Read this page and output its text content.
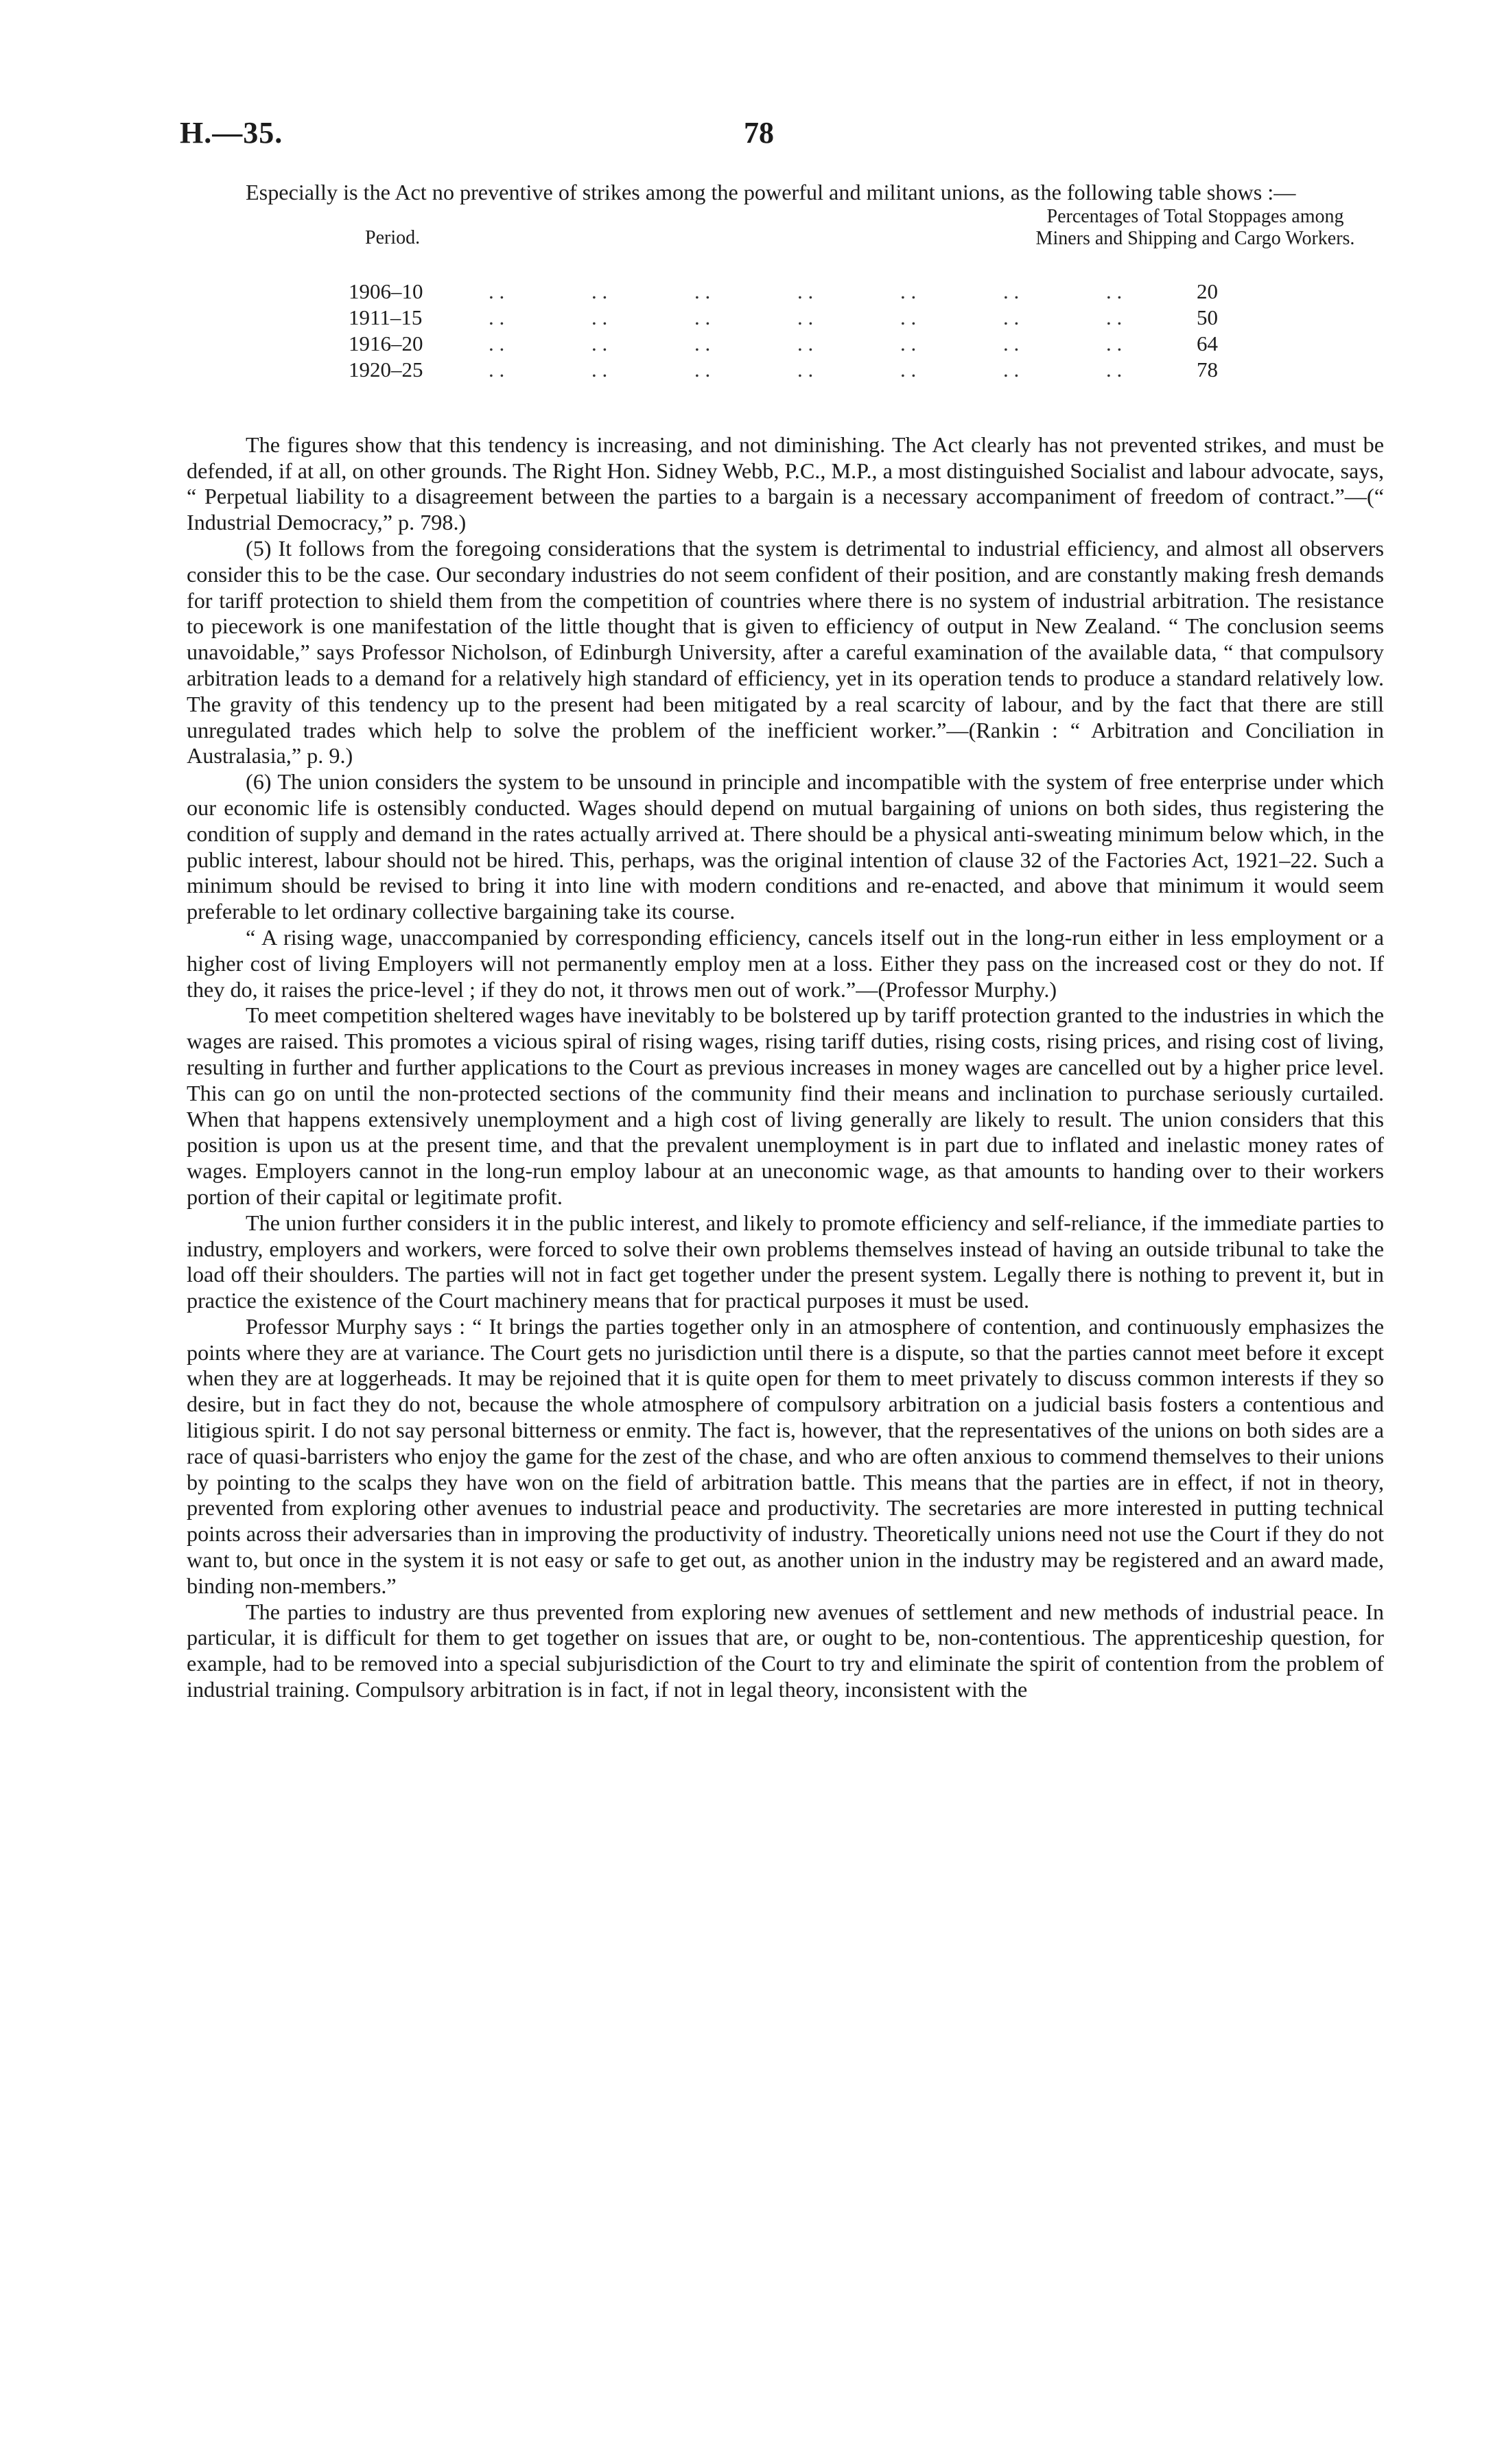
H.—35.	78

Especially is the Act no preventive of strikes among the powerful and militant unions, as the following table shows :—

Period.
Percentages of Total Stoppages among Miners and Shipping and Cargo Workers.
1906–10	. .	. .	. .	. .	. .	. .	. .	20
1911–15	. .	. .	. .	. .	. .	. .	. .	50
1916–20	. .	. .	. .	. .	. .	. .	. .	64
1920–25	. .	. .	. .	. .	. .	. .	. .	78

The figures show that this tendency is increasing, and not diminishing. The Act clearly has not prevented strikes, and must be defended, if at all, on other grounds. The Right Hon. Sidney Webb, P.C., M.P., a most distinguished Socialist and labour advocate, says, “ Perpetual liability to a disagreement between the parties to a bargain is a necessary accompaniment of freedom of contract.”—(“ Industrial Democracy,” p. 798.)

(5) It follows from the foregoing considerations that the system is detrimental to industrial efficiency, and almost all observers consider this to be the case. Our secondary industries do not seem confident of their position, and are constantly making fresh demands for tariff protection to shield them from the competition of countries where there is no system of industrial arbitration. The resistance to piecework is one manifestation of the little thought that is given to efficiency of output in New Zealand. “ The conclusion seems unavoidable,” says Professor Nicholson, of Edinburgh University, after a careful examination of the available data, “ that compulsory arbitration leads to a demand for a relatively high standard of efficiency, yet in its operation tends to produce a standard relatively low. The gravity of this tendency up to the present had been mitigated by a real scarcity of labour, and by the fact that there are still unregulated trades which help to solve the problem of the inefficient worker.”—(Rankin : “ Arbitration and Conciliation in Australasia,” p. 9.)

(6) The union considers the system to be unsound in principle and incompatible with the system of free enterprise under which our economic life is ostensibly conducted. Wages should depend on mutual bargaining of unions on both sides, thus registering the condition of supply and demand in the rates actually arrived at. There should be a physical anti-sweating minimum below which, in the public interest, labour should not be hired. This, perhaps, was the original intention of clause 32 of the Factories Act, 1921–22. Such a minimum should be revised to bring it into line with modern conditions and re-enacted, and above that minimum it would seem preferable to let ordinary collective bargaining take its course.

“ A rising wage, unaccompanied by corresponding efficiency, cancels itself out in the long-run either in less employment or a higher cost of living Employers will not permanently employ men at a loss. Either they pass on the increased cost or they do not. If they do, it raises the price-level ; if they do not, it throws men out of work.”—(Professor Murphy.)

To meet competition sheltered wages have inevitably to be bolstered up by tariff protection granted to the industries in which the wages are raised. This promotes a vicious spiral of rising wages, rising tariff duties, rising costs, rising prices, and rising cost of living, resulting in further and further applications to the Court as previous increases in money wages are cancelled out by a higher price level. This can go on until the non-protected sections of the community find their means and inclination to purchase seriously curtailed. When that happens extensively unemployment and a high cost of living generally are likely to result. The union considers that this position is upon us at the present time, and that the prevalent unemployment is in part due to inflated and inelastic money rates of wages. Employers cannot in the long-run employ labour at an uneconomic wage, as that amounts to handing over to their workers portion of their capital or legitimate profit.

The union further considers it in the public interest, and likely to promote efficiency and self-reliance, if the immediate parties to industry, employers and workers, were forced to solve their own problems themselves instead of having an outside tribunal to take the load off their shoulders. The parties will not in fact get together under the present system. Legally there is nothing to prevent it, but in practice the existence of the Court machinery means that for practical purposes it must be used.

Professor Murphy says : “ It brings the parties together only in an atmosphere of contention, and continuously emphasizes the points where they are at variance. The Court gets no jurisdiction until there is a dispute, so that the parties cannot meet before it except when they are at loggerheads. It may be rejoined that it is quite open for them to meet privately to discuss common interests if they so desire, but in fact they do not, because the whole atmosphere of compulsory arbitration on a judicial basis fosters a contentious and litigious spirit. I do not say personal bitterness or enmity. The fact is, however, that the representatives of the unions on both sides are a race of quasi-barristers who enjoy the game for the zest of the chase, and who are often anxious to commend themselves to their unions by pointing to the scalps they have won on the field of arbitration battle. This means that the parties are in effect, if not in theory, prevented from exploring other avenues to industrial peace and productivity. The secretaries are more interested in putting technical points across their adversaries than in improving the productivity of industry. Theoretically unions need not use the Court if they do not want to, but once in the system it is not easy or safe to get out, as another union in the industry may be registered and an award made, binding non-members.”

The parties to industry are thus prevented from exploring new avenues of settlement and new methods of industrial peace. In particular, it is difficult for them to get together on issues that are, or ought to be, non-contentious. The apprenticeship question, for example, had to be removed into a special subjurisdiction of the Court to try and eliminate the spirit of contention from the problem of industrial training. Compulsory arbitration is in fact, if not in legal theory, inconsistent with the
